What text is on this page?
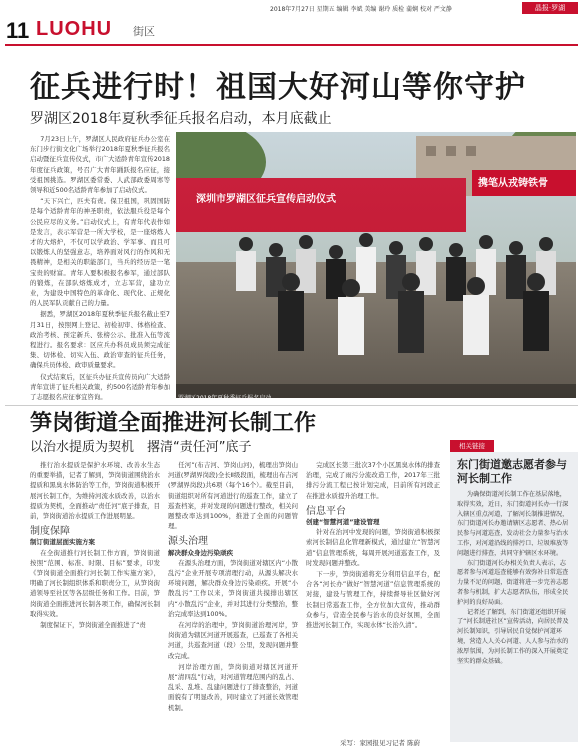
11 LUOHU 街区
2018年7月27日 星期五 编辑 李斌 美编 谢玲 质检 蒲娴 校对 严文静	晶报·罗湖
征兵进行时！祖国大好河山等你守护
罗湖区2018年夏秋季征兵报名启动，本月底截止

7月23日上午，罗湖区人民政府征兵办公室在东门步行街文化广场举行2018年夏秋季征兵报名启动暨征兵宣传仪式，市广大适龄青年宣传2018年度征兵政策，号召广大青年踊跃报名应征，接受祖国挑选。罗湖区委常委、人武部政委周寒等领导和近500名适龄青年参加了启动仪式。

“天下兴亡，匹夫有责。保卫祖国，巩固国防是每个适龄青年的神圣职责，依法服兵役是每个公民应尽的义务。”启动仪式上，有青年代表作如是发言，表示军营是一所大学校，是一座熔炼人才的大熔炉，不仅可以学政治、学军事、而且可以锻炼人的坚强意志，培养面对风行的作风和无畏精神，是相关的职能部门，当兵的经历是一笔宝贵的财富。青年人要积极报名参军，通过部队的锻炼，在部队熔炼成才，立志军营，建功立业，为建设中国特色的革命化、现代化、正规化的人民军队贡献自己的力量。

据悉，罗湖区2018年夏秋季征兵报名截止至7月31日，按照网上登记、初检初审、体格检查、政治考核、预定新兵、张榜公示、批准入伍等流程进行。报名要求：区应兵办科员成员须完成征集、切体检、切实入伍、政治审查的征兵任务，确保兵员体检、政审质量要求。

仪式结束后，区征兵办征兵宣传员向广大适龄青年宣讲了征兵相关政策，约500名适龄青年参加了志愿报名应征事宜咨询。

深圳市罗湖区征兵宣传启动仪式
携笔从戎铸铁骨
罗湖区2018年夏秋季征兵报名启动。
笋岗街道全面推进河长制工作
以治水提质为契机　撂清“责任河”底子

推行治水提质是保护水环境、改善水生态的重要举措，记者了解到，笋岗街道围绕治水提质和黑臭水体防治等工作，笋岗街道积极开展河长制工作，为维持河流水质改善，以治水提质为契机，全面推动“责任河”底子排查，目前，笋岗街道治水提质工作进展明显。

制度保障
制订街道层面实施方案

在全街道推行河长制工作方面，笋岗街道按照“范围、标准、时限、目标”要求，印发《笋岗街道全面推行河长制工作实施方案》，明确了河长制组织体系和职责分工，从笋岗街道领导至社区等各层级任务和工作。目前，笋岗街道全面推进河长制各项工作，确保河长制取得实效。

制度保证下，笋岗街道全面推进了“责

任河”(布吉河、笋岗山河)，梳理出笋岗山河道(罗湖界岗段)全长Ⅱ级段面，梳理出布吉河(罗湖界岗段)共6项（每个16个）。截至目前，街道组织对所有河道进行的巡查工作，建立了巡查档案，并对发现的问题进行整改，相关问题整改率达到100%，推进了全面的问题管理。

源头治理
解决群众身边污染顽疾

在源头治理方面，笋岗街道对辖区内“小散乱污”企业开展专项清理行动，从源头解决水环境问题，解决群众身边污染顽疾。开展“小散乱污”工作以来，笋岗街道共摸排出辖区内“小散乱污”企业，并对其进行分类整治，整治完成率达到100%。

在河岸的治理中，笋岗街道治理河岸，笋岗街道为辖区河道开展巡查，已巡查了各相关河道，共巡查河道（段）公里，发现问题并整改完成。

河岸治理方面，笋岗街道对辖区河道开展“清四乱”行动，对河道管理范围内的乱占、乱采、乱堆、乱建问题进行了排查整治，河道面貌有了明显改善，同时建立了河道长效管理机制。

完成区长第三批次37个小区黑臭水体的排查治理，完成了雨污分流改造工作，2017年三批排污分流工程已按计划完成，目前所有河段正在推进水质提升治理工作。

信息平台
创建“智慧河道”建设管理

针对在治河中发现的问题，笋岗街道积极探索河长制信息化管理新模式，通过建立“智慧河道”信息管理系统，每周开展河道巡查工作，及时发现问题并整改。

下一步，笋岗街道将充分利用信息平台，配合各“河长办”做好“智慧河道”信息管理系统的对接，建设与管理工作，持续督导社区做好河长制日常巡查工作，全方位加大宣传，推动群众参与，营造全民参与治水的良好氛围，全面推进河长制工作，实现水体“长治久清”。

采写：家园报见习记者 陈蔚
相关链接
东门街道邀志愿者参与河长制工作

为确保街道河长制工作在基层落地，取得实效，近日，东门街道河长办一行深入辖区重点河道，了解河长制推进情况，东门街道河长办邀请辖区志愿者、热心居民参与河道巡查，发动社会力量参与治水工作，对河道沿线的排污口、垃圾堆放等问题进行排查，共同守护辖区水环境。

东门街道河长办相关负责人表示，志愿者参与河道巡查能够有效弥补日常巡查力量不足的问题，街道将进一步完善志愿者参与机制，扩大志愿者队伍，形成全民护河的良好局面。

记者还了解到，东门街道还组织开展了“河长制进社区”宣传活动，向居民普及河长制知识，引导居民自觉保护河道环境，营造人人关心河道、人人参与治水的浓厚氛围，为河长制工作的深入开展奠定坚实的群众基础。
